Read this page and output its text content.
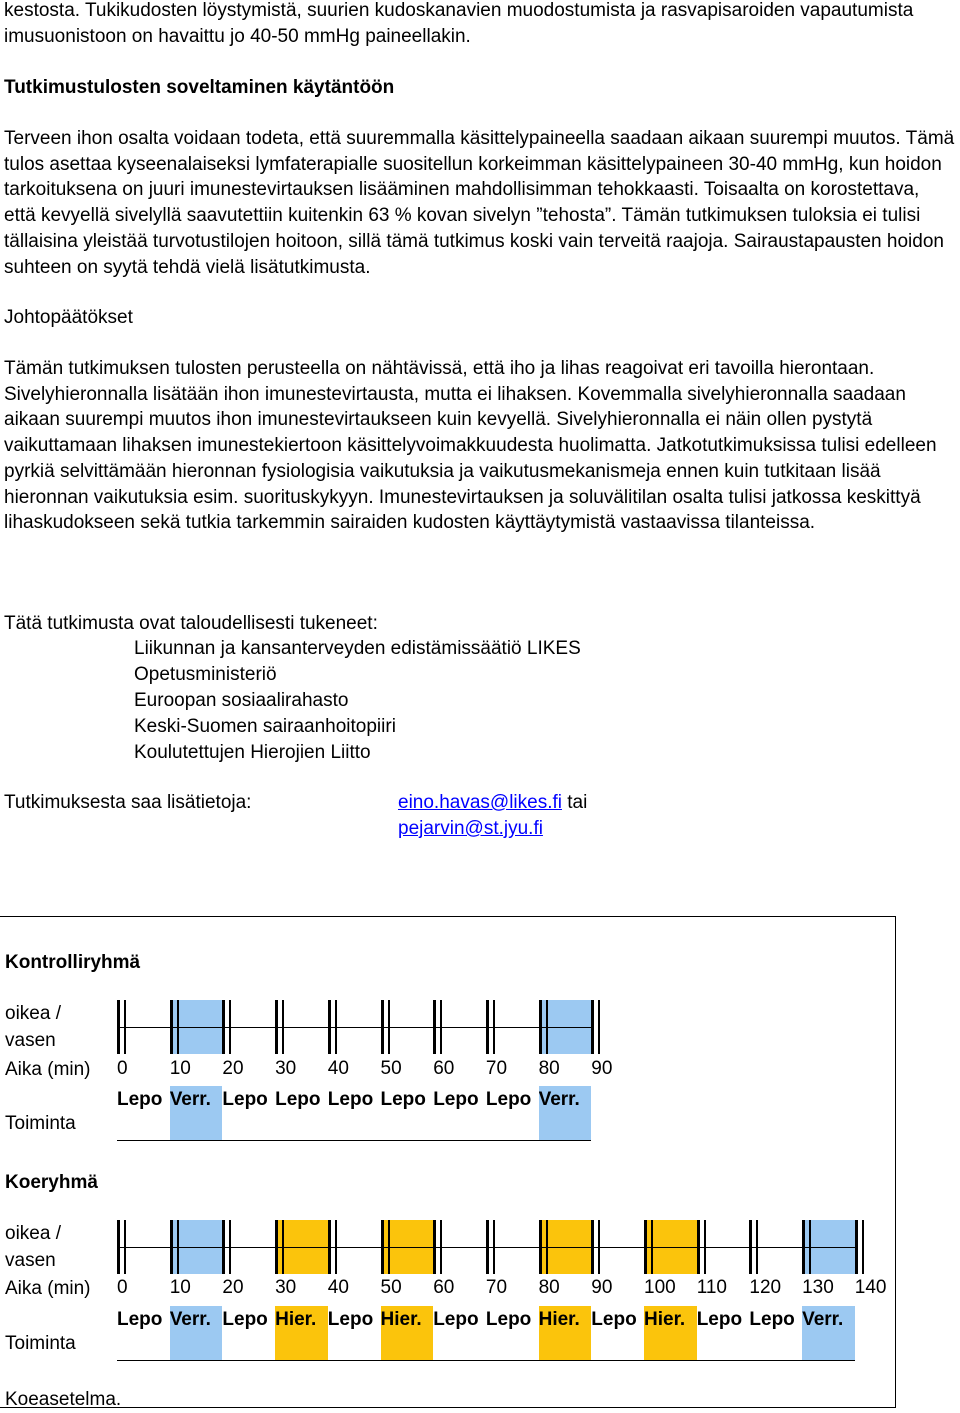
kestosta. Tukikudosten löystymistä, suurien kudoskanavien muodostumista ja rasvapisaroiden vapautumista imusuonistoon on havaittu jo 40-50 mmHg paineellakin.

Tutkimustulosten soveltaminen käytäntöön

Terveen ihon osalta voidaan todeta, että suuremmalla käsittelypaineella saadaan aikaan suurempi muutos. Tämä tulos asettaa kyseenalaiseksi lymfaterapialle suositellun korkeimman käsittelypaineen 30-40 mmHg, kun hoidon tarkoituksena on juuri imunestevirtauksen lisääminen mahdollisimman tehokkaasti. Toisaalta on korostettava, että kevyellä sivelyllä saavutettiin kuitenkin 63 % kovan sivelyn ”tehosta”. Tämän tutkimuksen tuloksia ei tulisi tällaisina yleistää turvotustilojen hoitoon, sillä tämä tutkimus koski vain terveitä raajoja. Sairaustapausten hoidon suhteen on syytä tehdä vielä lisätutkimusta.

Johtopäätökset

Tämän tutkimuksen tulosten perusteella on nähtävissä, että iho ja lihas reagoivat eri tavoilla hierontaan. Sivelyhieronnalla lisätään ihon imunestevirtausta, mutta ei lihaksen. Kovemmalla sivelyhieronnalla saadaan aikaan suurempi muutos ihon imunestevirtaukseen kuin kevyellä. Sivelyhieronnalla ei näin ollen pystytä vaikuttamaan lihaksen imunestekiertoon käsittelyvoimakkuudesta huolimatta. Jatkotutkimuksissa tulisi edelleen pyrkiä selvittämään hieronnan fysiologisia vaikutuksia ja vaikutusmekanismeja ennen kuin tutkitaan lisää hieronnan vaikutuksia esim. suorituskykyyn. Imunestevirtauksen ja soluvälitilan osalta tulisi jatkossa keskittyä lihaskudokseen sekä tutkia tarkemmin sairaiden kudosten käyttäytymistä vastaavissa tilanteissa.

Tätä tutkimusta ovat taloudellisesti tukeneet:

Liikunnan ja kansanterveyden edistämissäätiö LIKES

Opetusministeriö

Euroopan sosiaalirahasto

Keski-Suomen sairaanhoitopiiri

Koulutettujen Hierojien Liitto

Tutkimuksesta saa lisätietoja:	eino.havas@likes.fi tai

pejarvin@st.jyu.fi

Kontrolliryhmä
oikea / vasen
Aika (min)
Toiminta
0 10 20 30 40 50 60 70 80 90
Lepo Verr. Lepo Lepo Lepo Lepo Lepo Lepo Verr.
Koeryhmä
oikea / vasen
Aika (min)
Toiminta
0 10 20 30 40 50 60 70 80 90 100 110 120 130 140
Lepo Verr. Lepo Hier. Lepo Hier. Lepo Lepo Hier. Lepo Hier. Lepo Lepo Verr.
Koeasetelma.
